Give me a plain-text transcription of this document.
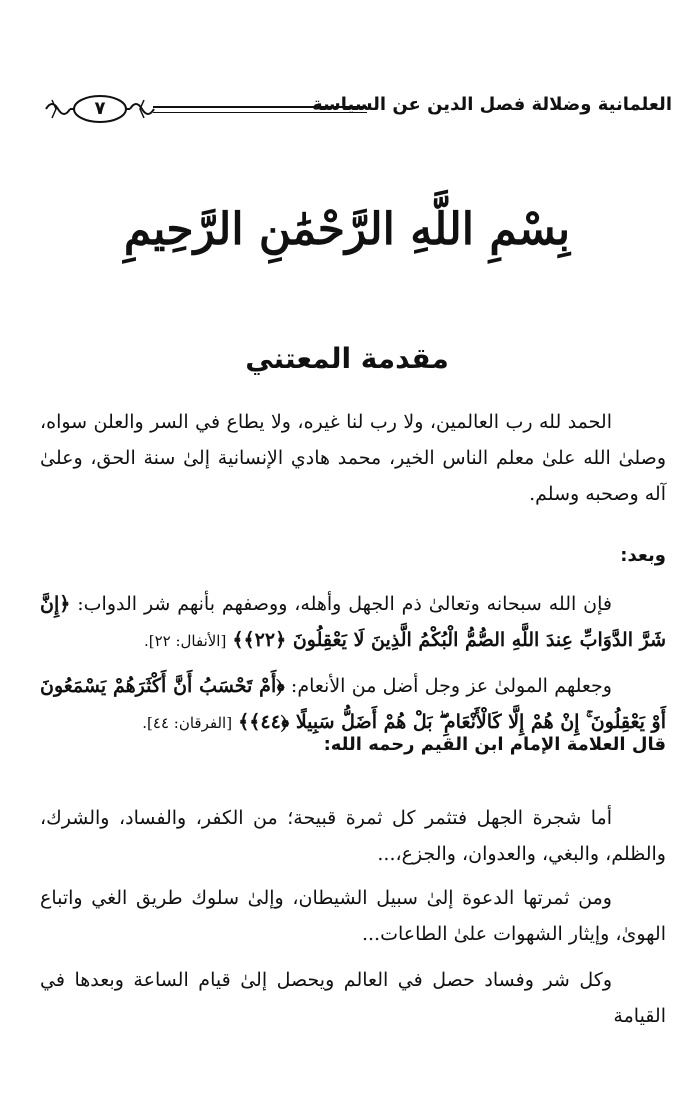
العلمانية وضلالة فصل الدين عن السياسة
٧
بِسْمِ اللَّهِ الرَّحْمَٰنِ الرَّحِيمِ
مقدمة المعتني
الحمد لله رب العالمين، ولا رب لنا غيره، ولا يطاع في السر والعلن سواه، وصلىٰ الله علىٰ معلم الناس الخير، محمد هادي الإنسانية إلىٰ سنة الحق، وعلىٰ آله وصحبه وسلم.
وبعد:
فإن الله سبحانه وتعالىٰ ذم الجهل وأهله، ووصفهم بأنهم شر الدواب: ﴿إِنَّ شَرَّ الدَّوَابِّ عِندَ اللَّهِ الصُّمُّ الْبُكْمُ الَّذِينَ لَا يَعْقِلُونَ ﴿٢٢﴾﴾ [الأنفال: ٢٢].
وجعلهم المولىٰ عز وجل أضل من الأنعام: ﴿أَمْ تَحْسَبُ أَنَّ أَكْثَرَهُمْ يَسْمَعُونَ أَوْ يَعْقِلُونَ ۚ إِنْ هُمْ إِلَّا كَالْأَنْعَامِ ۖ بَلْ هُمْ أَضَلُّ سَبِيلًا ﴿٤٤﴾﴾ [الفرقان: ٤٤].
قال العلامة الإمام ابن القيم رحمه الله:
أما شجرة الجهل فتثمر كل ثمرة قبيحة؛ من الكفر، والفساد، والشرك، والظلم، والبغي، والعدوان، والجزع،...
ومن ثمرتها الدعوة إلىٰ سبيل الشيطان، وإلىٰ سلوك طريق الغي واتباع الهوىٰ، وإيثار الشهوات علىٰ الطاعات...
وكل شر وفساد حصل في العالم ويحصل إلىٰ قيام الساعة وبعدها في القيامة
